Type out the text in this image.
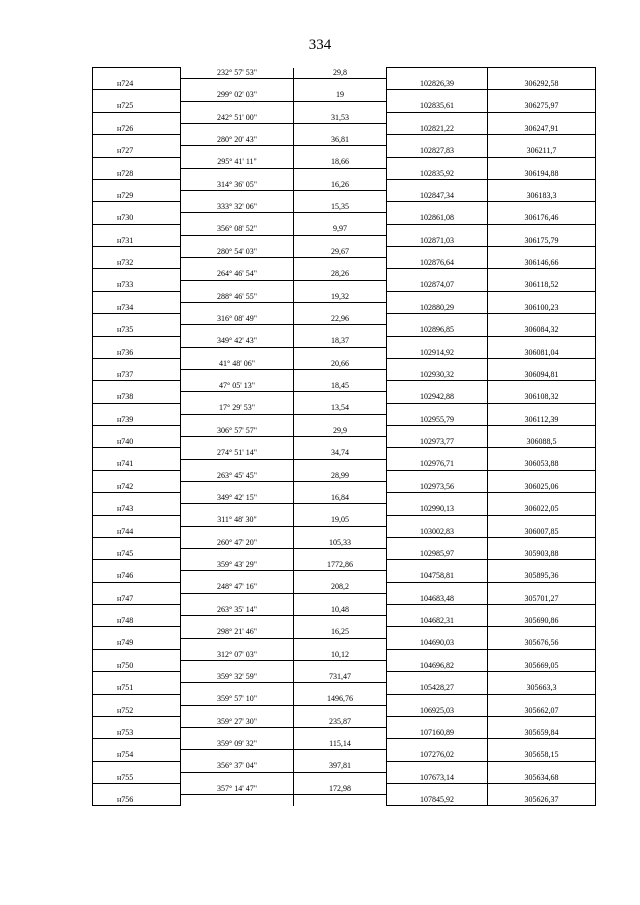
334
	232° 57' 53"	29,8		
н724			102826,39	306292,58
	299° 02' 03"	19		
н725			102835,61	306275,97
	242° 51' 00"	31,53		
н726			102821,22	306247,91
	280° 20' 43"	36,81		
н727			102827,83	306211,7
	295° 41' 11"	18,66		
н728			102835,92	306194,88
	314° 36' 05"	16,26		
н729			102847,34	306183,3
	333° 32' 06"	15,35		
н730			102861,08	306176,46
	356° 08' 52"	9,97		
н731			102871,03	306175,79
	280° 54' 03"	29,67		
н732			102876,64	306146,66
	264° 46' 54"	28,26		
н733			102874,07	306118,52
	288° 46' 55"	19,32		
н734			102880,29	306100,23
	316° 08' 49"	22,96		
н735			102896,85	306084,32
	349° 42' 43"	18,37		
н736			102914,92	306081,04
	41° 48' 06"	20,66		
н737			102930,32	306094,81
	47° 05' 13"	18,45		
н738			102942,88	306108,32
	17° 29' 53"	13,54		
н739			102955,79	306112,39
	306° 57' 57"	29,9		
н740			102973,77	306088,5
	274° 51' 14"	34,74		
н741			102976,71	306053,88
	263° 45' 45"	28,99		
н742			102973,56	306025,06
	349° 42' 15"	16,84		
н743			102990,13	306022,05
	311° 48' 30"	19,05		
н744			103002,83	306007,85
	260° 47' 20"	105,33		
н745			102985,97	305903,88
	359° 43' 29"	1772,86		
н746			104758,81	305895,36
	248° 47' 16"	208,2		
н747			104683,48	305701,27
	263° 35' 14"	10,48		
н748			104682,31	305690,86
	298° 21' 46"	16,25		
н749			104690,03	305676,56
	312° 07' 03"	10,12		
н750			104696,82	305669,05
	359° 32' 59"	731,47		
н751			105428,27	305663,3
	359° 57' 10"	1496,76		
н752			106925,03	305662,07
	359° 27' 30"	235,87		
н753			107160,89	305659,84
	359° 09' 32"	115,14		
н754			107276,02	305658,15
	356° 37' 04"	397,81		
н755			107673,14	305634,68
	357° 14' 47"	172,98		
н756			107845,92	305626,37
